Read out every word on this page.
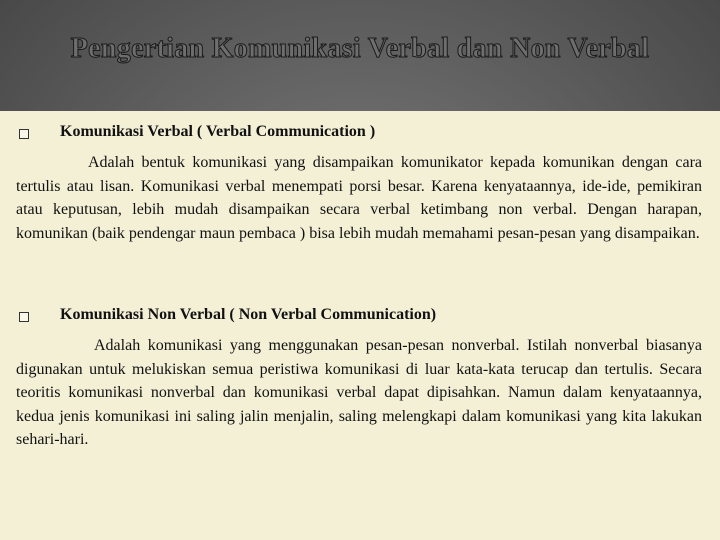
Pengertian Komunikasi Verbal dan Non Verbal

Komunikasi Verbal ( Verbal Communication )

Adalah bentuk komunikasi yang disampaikan komunikator kepada komunikan dengan cara tertulis atau lisan. Komunikasi verbal menempati porsi besar. Karena kenyataannya, ide-ide, pemikiran atau keputusan, lebih mudah disampaikan secara verbal ketimbang non verbal. Dengan harapan, komunikan (baik pendengar maun pembaca ) bisa lebih mudah memahami pesan-pesan yang disampaikan.

Komunikasi Non Verbal ( Non Verbal Communication)

Adalah komunikasi yang menggunakan pesan-pesan nonverbal. Istilah nonverbal biasanya digunakan untuk melukiskan semua peristiwa komunikasi di luar kata-kata terucap dan tertulis. Secara teoritis komunikasi nonverbal dan komunikasi verbal dapat dipisahkan. Namun dalam kenyataannya, kedua jenis komunikasi ini saling jalin menjalin, saling melengkapi dalam komunikasi yang kita lakukan sehari-hari.
